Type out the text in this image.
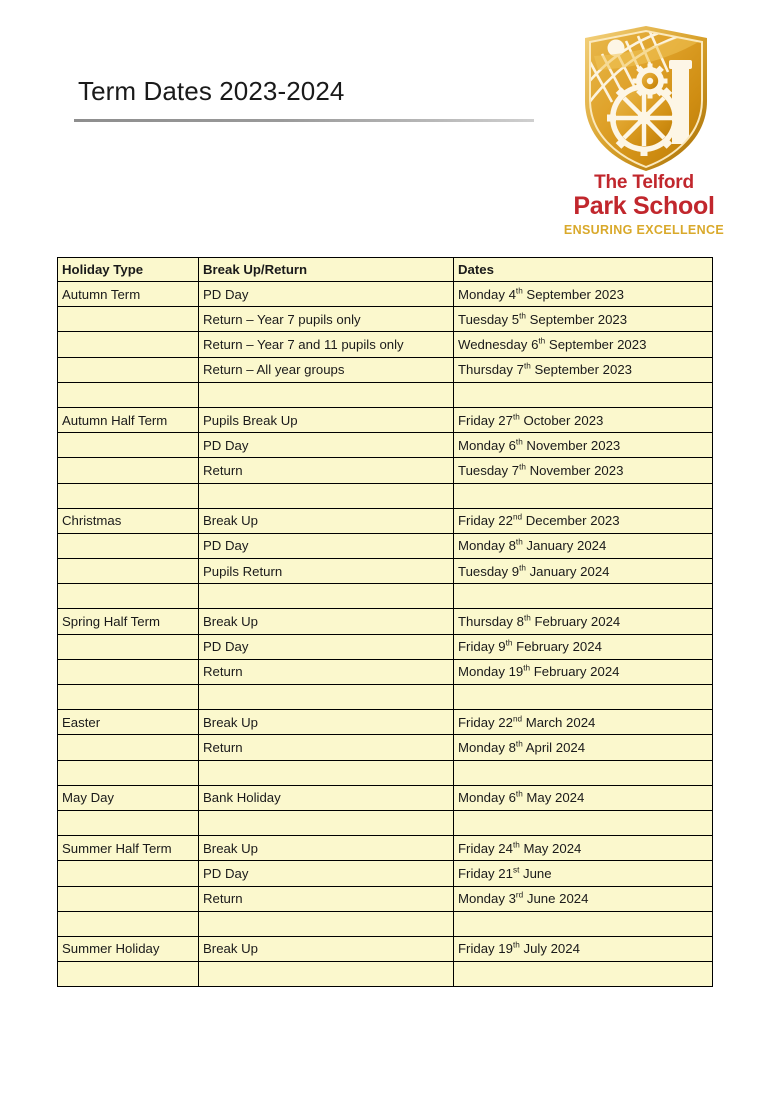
Term Dates 2023-2024
The Telford
Park School
ENSURING EXCELLENCE
Holiday Type	Break Up/Return	Dates
Autumn Term	PD Day	Monday 4th September 2023
	Return – Year 7 pupils only	Tuesday 5th September 2023
	Return – Year 7 and 11 pupils only	Wednesday 6th September 2023
	Return – All year groups	Thursday 7th September 2023

Autumn Half Term	Pupils Break Up	Friday 27th October 2023
	PD Day	Monday 6th November 2023
	Return	Tuesday 7th November 2023

Christmas	Break Up	Friday 22nd December 2023
	PD Day	Monday 8th January 2024
	Pupils Return	Tuesday 9th January 2024

Spring Half Term	Break Up	Thursday 8th February 2024
	PD Day	Friday 9th February 2024
	Return	Monday 19th February 2024

Easter	Break Up	Friday 22nd March 2024
	Return	Monday 8th April 2024

May Day	Bank Holiday	Monday 6th May 2024

Summer Half Term	Break Up	Friday 24th May 2024
	PD Day	Friday 21st June
	Return	Monday 3rd June 2024

Summer Holiday	Break Up	Friday 19th July 2024
